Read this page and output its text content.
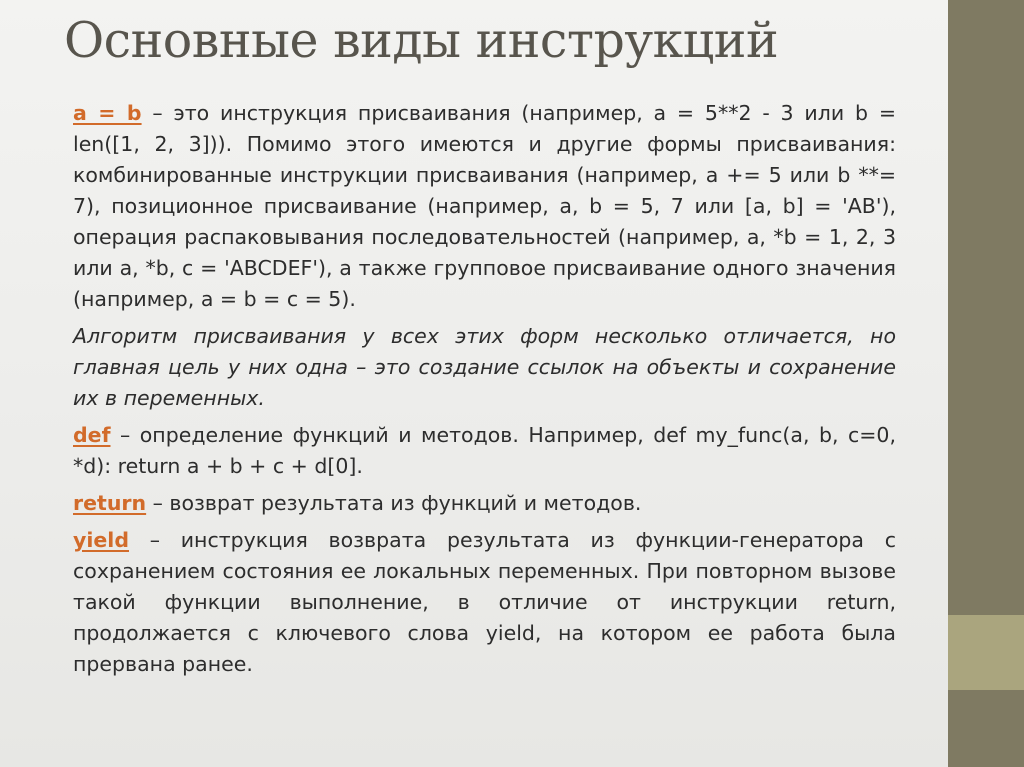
Основные виды инструкций

a = b – это инструкция присваивания (например, a = 5**2 - 3 или b = len([1, 2, 3])). Помимо этого имеются и другие формы присваивания: комбинированные инструкции присваивания (например, a += 5 или b **= 7), позиционное присваивание (например, a, b = 5, 7 или [a, b] = 'AB'), операция распаковывания последовательностей (например, a, *b = 1, 2, 3 или a, *b, c = 'ABCDEF'), а также групповое присваивание одного значения (например, a = b = c = 5).

Алгоритм присваивания у всех этих форм несколько отличается, но главная цель у них одна – это создание ссылок на объекты и сохранение их в переменных.

def – определение функций и методов. Например, def my_func(a, b, c=0, *d): return a + b + c + d[0].

return – возврат результата из функций и методов.

yield – инструкция возврата результата из функции-генератора с сохранением состояния ее локальных переменных. При повторном вызове такой функции выполнение, в отличие от инструкции return, продолжается с ключевого слова yield, на котором ее работа была прервана ранее.
